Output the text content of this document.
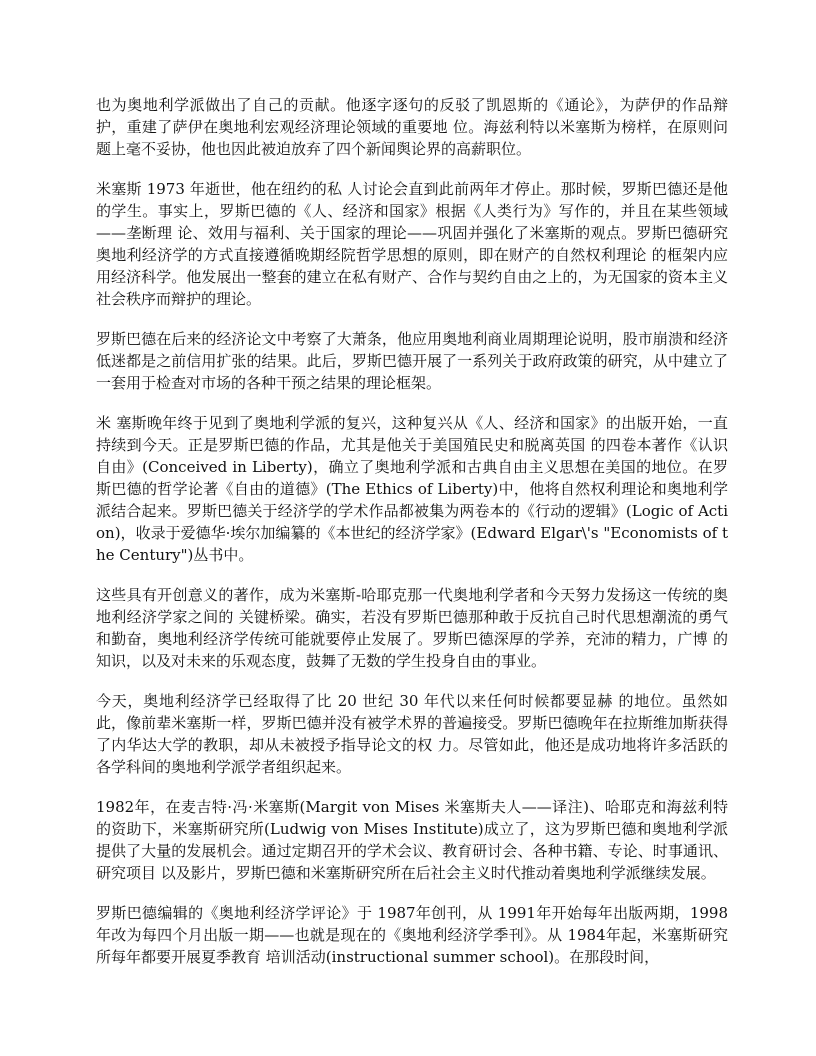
也为奥地利学派做出了自己的贡献。他逐字逐句的反驳了凯恩斯的《通论》，为萨伊的作品辩护，重建了萨伊在奥地利宏观经济理论领域的重要地 位。海兹利特以米塞斯为榜样，在原则问题上毫不妥协，他也因此被迫放弃了四个新闻舆论界的高薪职位。

米塞斯 1973 年逝世，他在纽约的私 人讨论会直到此前两年才停止。那时候，罗斯巴德还是他的学生。事实上，罗斯巴德的《人、经济和国家》根据《人类行为》写作的，并且在某些领域——垄断理 论、效用与福利、关于国家的理论——巩固并强化了米塞斯的观点。罗斯巴德研究奥地利经济学的方式直接遵循晚期经院哲学思想的原则，即在财产的自然权利理论 的框架内应用经济科学。他发展出一整套的建立在私有财产、合作与契约自由之上的，为无国家的资本主义社会秩序而辩护的理论。

罗斯巴德在后来的经济论文中考察了大萧条，他应用奥地利商业周期理论说明，股市崩溃和经济低迷都是之前信用扩张的结果。此后，罗斯巴德开展了一系列关于政府政策的研究，从中建立了一套用于检查对市场的各种干预之结果的理论框架。

米 塞斯晚年终于见到了奥地利学派的复兴，这种复兴从《人、经济和国家》的出版开始，一直持续到今天。正是罗斯巴德的作品，尤其是他关于美国殖民史和脱离英国 的四卷本著作《认识自由》(Conceived in Liberty)，确立了奥地利学派和古典自由主义思想在美国的地位。在罗斯巴德的哲学论著《自由的道德》(The Ethics of Liberty)中，他将自然权利理论和奥地利学派结合起来。罗斯巴德关于经济学的学术作品都被集为两卷本的《行动的逻辑》(Logic of Action)，收录于爱德华·埃尔加编纂的《本世纪的经济学家》(Edward Elgar\'s "Economists of the Century")丛书中。

这些具有开创意义的著作，成为米塞斯-哈耶克那一代奥地利学者和今天努力发扬这一传统的奥地利经济学家之间的 关键桥梁。确实，若没有罗斯巴德那种敢于反抗自己时代思想潮流的勇气和勤奋，奥地利经济学传统可能就要停止发展了。罗斯巴德深厚的学养，充沛的精力，广博 的知识，以及对未来的乐观态度，鼓舞了无数的学生投身自由的事业。

今天，奥地利经济学已经取得了比 20 世纪 30 年代以来任何时候都要显赫 的地位。虽然如此，像前辈米塞斯一样，罗斯巴德并没有被学术界的普遍接受。罗斯巴德晚年在拉斯维加斯获得了内华达大学的教职，却从未被授予指导论文的权 力。尽管如此，他还是成功地将许多活跃的各学科间的奥地利学派学者组织起来。

1982年，在麦吉特·冯·米塞斯(Margit von Mises 米塞斯夫人——译注)、哈耶克和海兹利特的资助下，米塞斯研究所(Ludwig von Mises Institute)成立了，这为罗斯巴德和奥地利学派提供了大量的发展机会。通过定期召开的学术会议、教育研讨会、各种书籍、专论、时事通讯、研究项目 以及影片，罗斯巴德和米塞斯研究所在后社会主义时代推动着奥地利学派继续发展。

罗斯巴德编辑的《奥地利经济学评论》于 1987年创刊，从 1991年开始每年出版两期，1998年改为每四个月出版一期——也就是现在的《奥地利经济学季刊》。从 1984年起，米塞斯研究所每年都要开展夏季教育 培训活动(instructional summer school)。在那段时间，
